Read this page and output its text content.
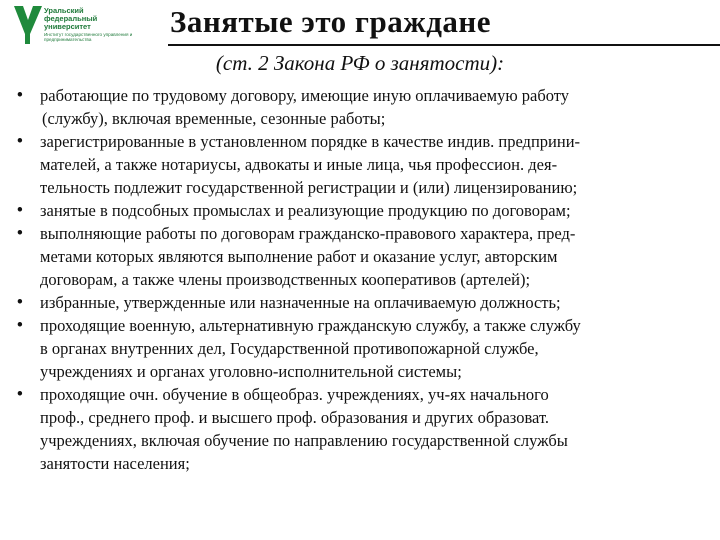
Уральский федеральный университет
Институт государственного управления и предпринимательства
Занятые это граждане
(ст. 2 Закона РФ о занятости):
• работающие по трудовому договору, имеющие иную оплачиваемую работу
(службу), включая временные, сезонные работы;
• зарегистрированные в установленном порядке в качестве индив. предприни-
мателей, а также нотариусы, адвокаты и иные лица, чья профессион. дея-
тельность подлежит государственной регистрации и (или) лицензированию;
• занятые в подсобных промыслах и реализующие продукцию по договорам;
• выполняющие работы по договорам гражданско-правового характера, пред-
метами которых являются выполнение работ и оказание услуг, авторским
договорам, а также члены производственных кооперативов (артелей);
• избранные, утвержденные или назначенные на оплачиваемую должность;
• проходящие военную, альтернативную гражданскую службу, а также службу
в органах внутренних дел, Государственной противопожарной службе,
учреждениях и органах уголовно-исполнительной системы;
• проходящие очн. обучение в общеобраз. учреждениях, уч-ях начального
проф., среднего проф. и высшего проф. образования и других образоват.
учреждениях, включая обучение по направлению государственной службы
занятости населения;
